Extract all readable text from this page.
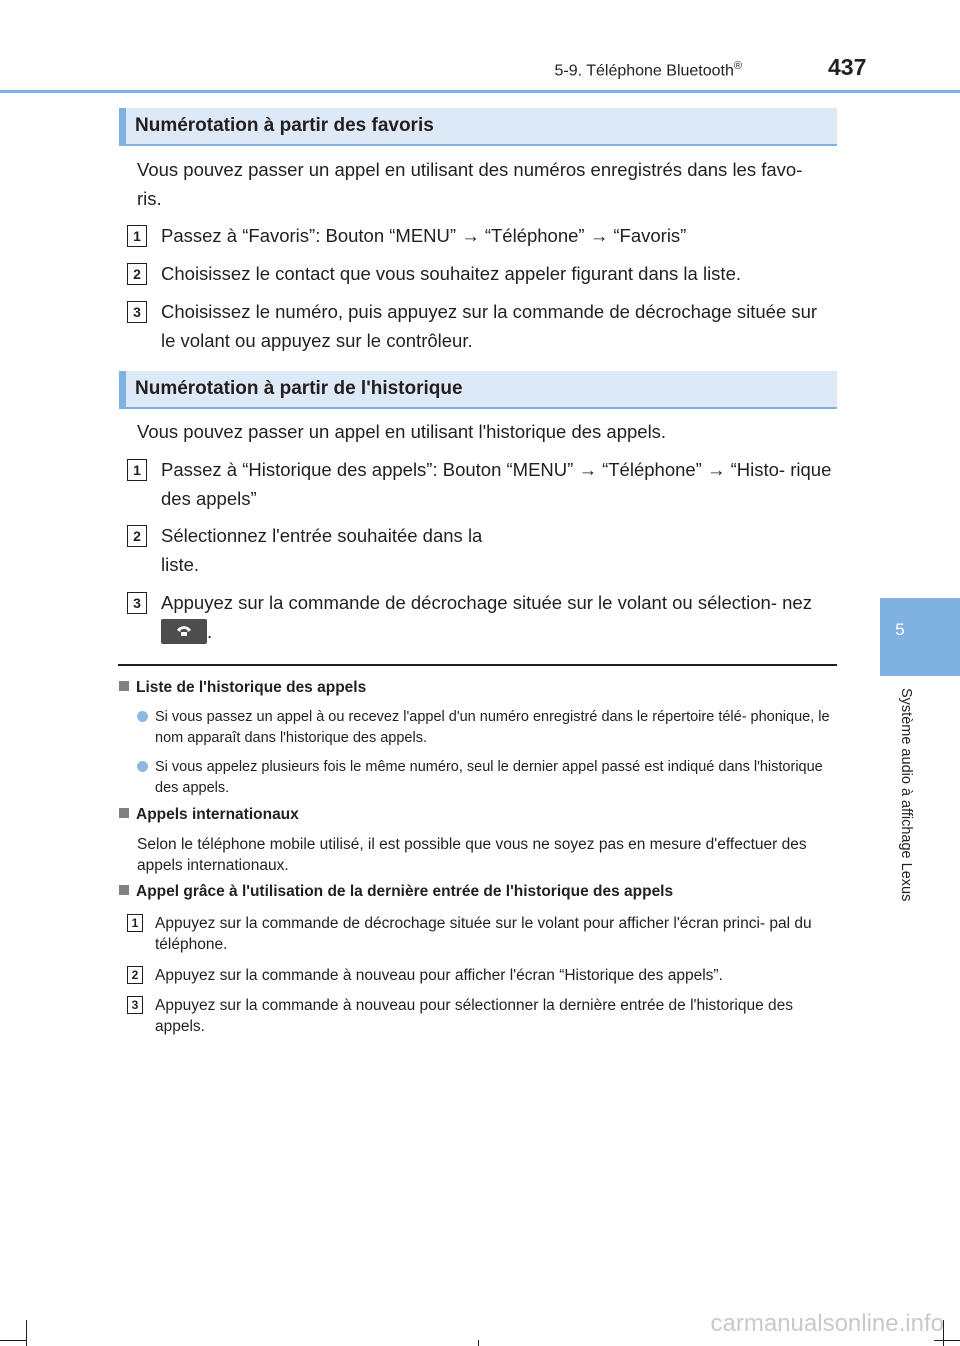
5-9. Téléphone Bluetooth®	437
5
Système audio à affichage Lexus
Numérotation à partir des favoris
Vous pouvez passer un appel en utilisant des numéros enregistrés dans les favo- ris.
1	Passez à “Favoris”: Bouton “MENU” → “Téléphone” → “Favoris”
2	Choisissez le contact que vous souhaitez appeler figurant dans la liste.
3	Choisissez le numéro, puis appuyez sur la commande de décrochage située sur le volant ou appuyez sur le contrôleur.
Numérotation à partir de l'historique
Vous pouvez passer un appel en utilisant l'historique des appels.
1	Passez à “Historique des appels”: Bouton “MENU” → “Téléphone” → “Histo- rique des appels”
2	Sélectionnez l'entrée souhaitée dans la liste.
3	Appuyez sur la commande de décrochage située sur le volant ou sélection- nez
.
Liste de l'historique des appels
Si vous passez un appel à ou recevez l'appel d'un numéro enregistré dans le répertoire télé- phonique, le nom apparaît dans l'historique des appels.
Si vous appelez plusieurs fois le même numéro, seul le dernier appel passé est indiqué dans l'historique des appels.
Appels internationaux
Selon le téléphone mobile utilisé, il est possible que vous ne soyez pas en mesure d'effectuer des appels internationaux.
Appel grâce à l'utilisation de la dernière entrée de l'historique des appels
1	Appuyez sur la commande de décrochage située sur le volant pour afficher l'écran princi- pal du téléphone.
2	Appuyez sur la commande à nouveau pour afficher l'écran “Historique des appels”.
3	Appuyez sur la commande à nouveau pour sélectionner la dernière entrée de l'historique des appels.
carmanualsonline.info
